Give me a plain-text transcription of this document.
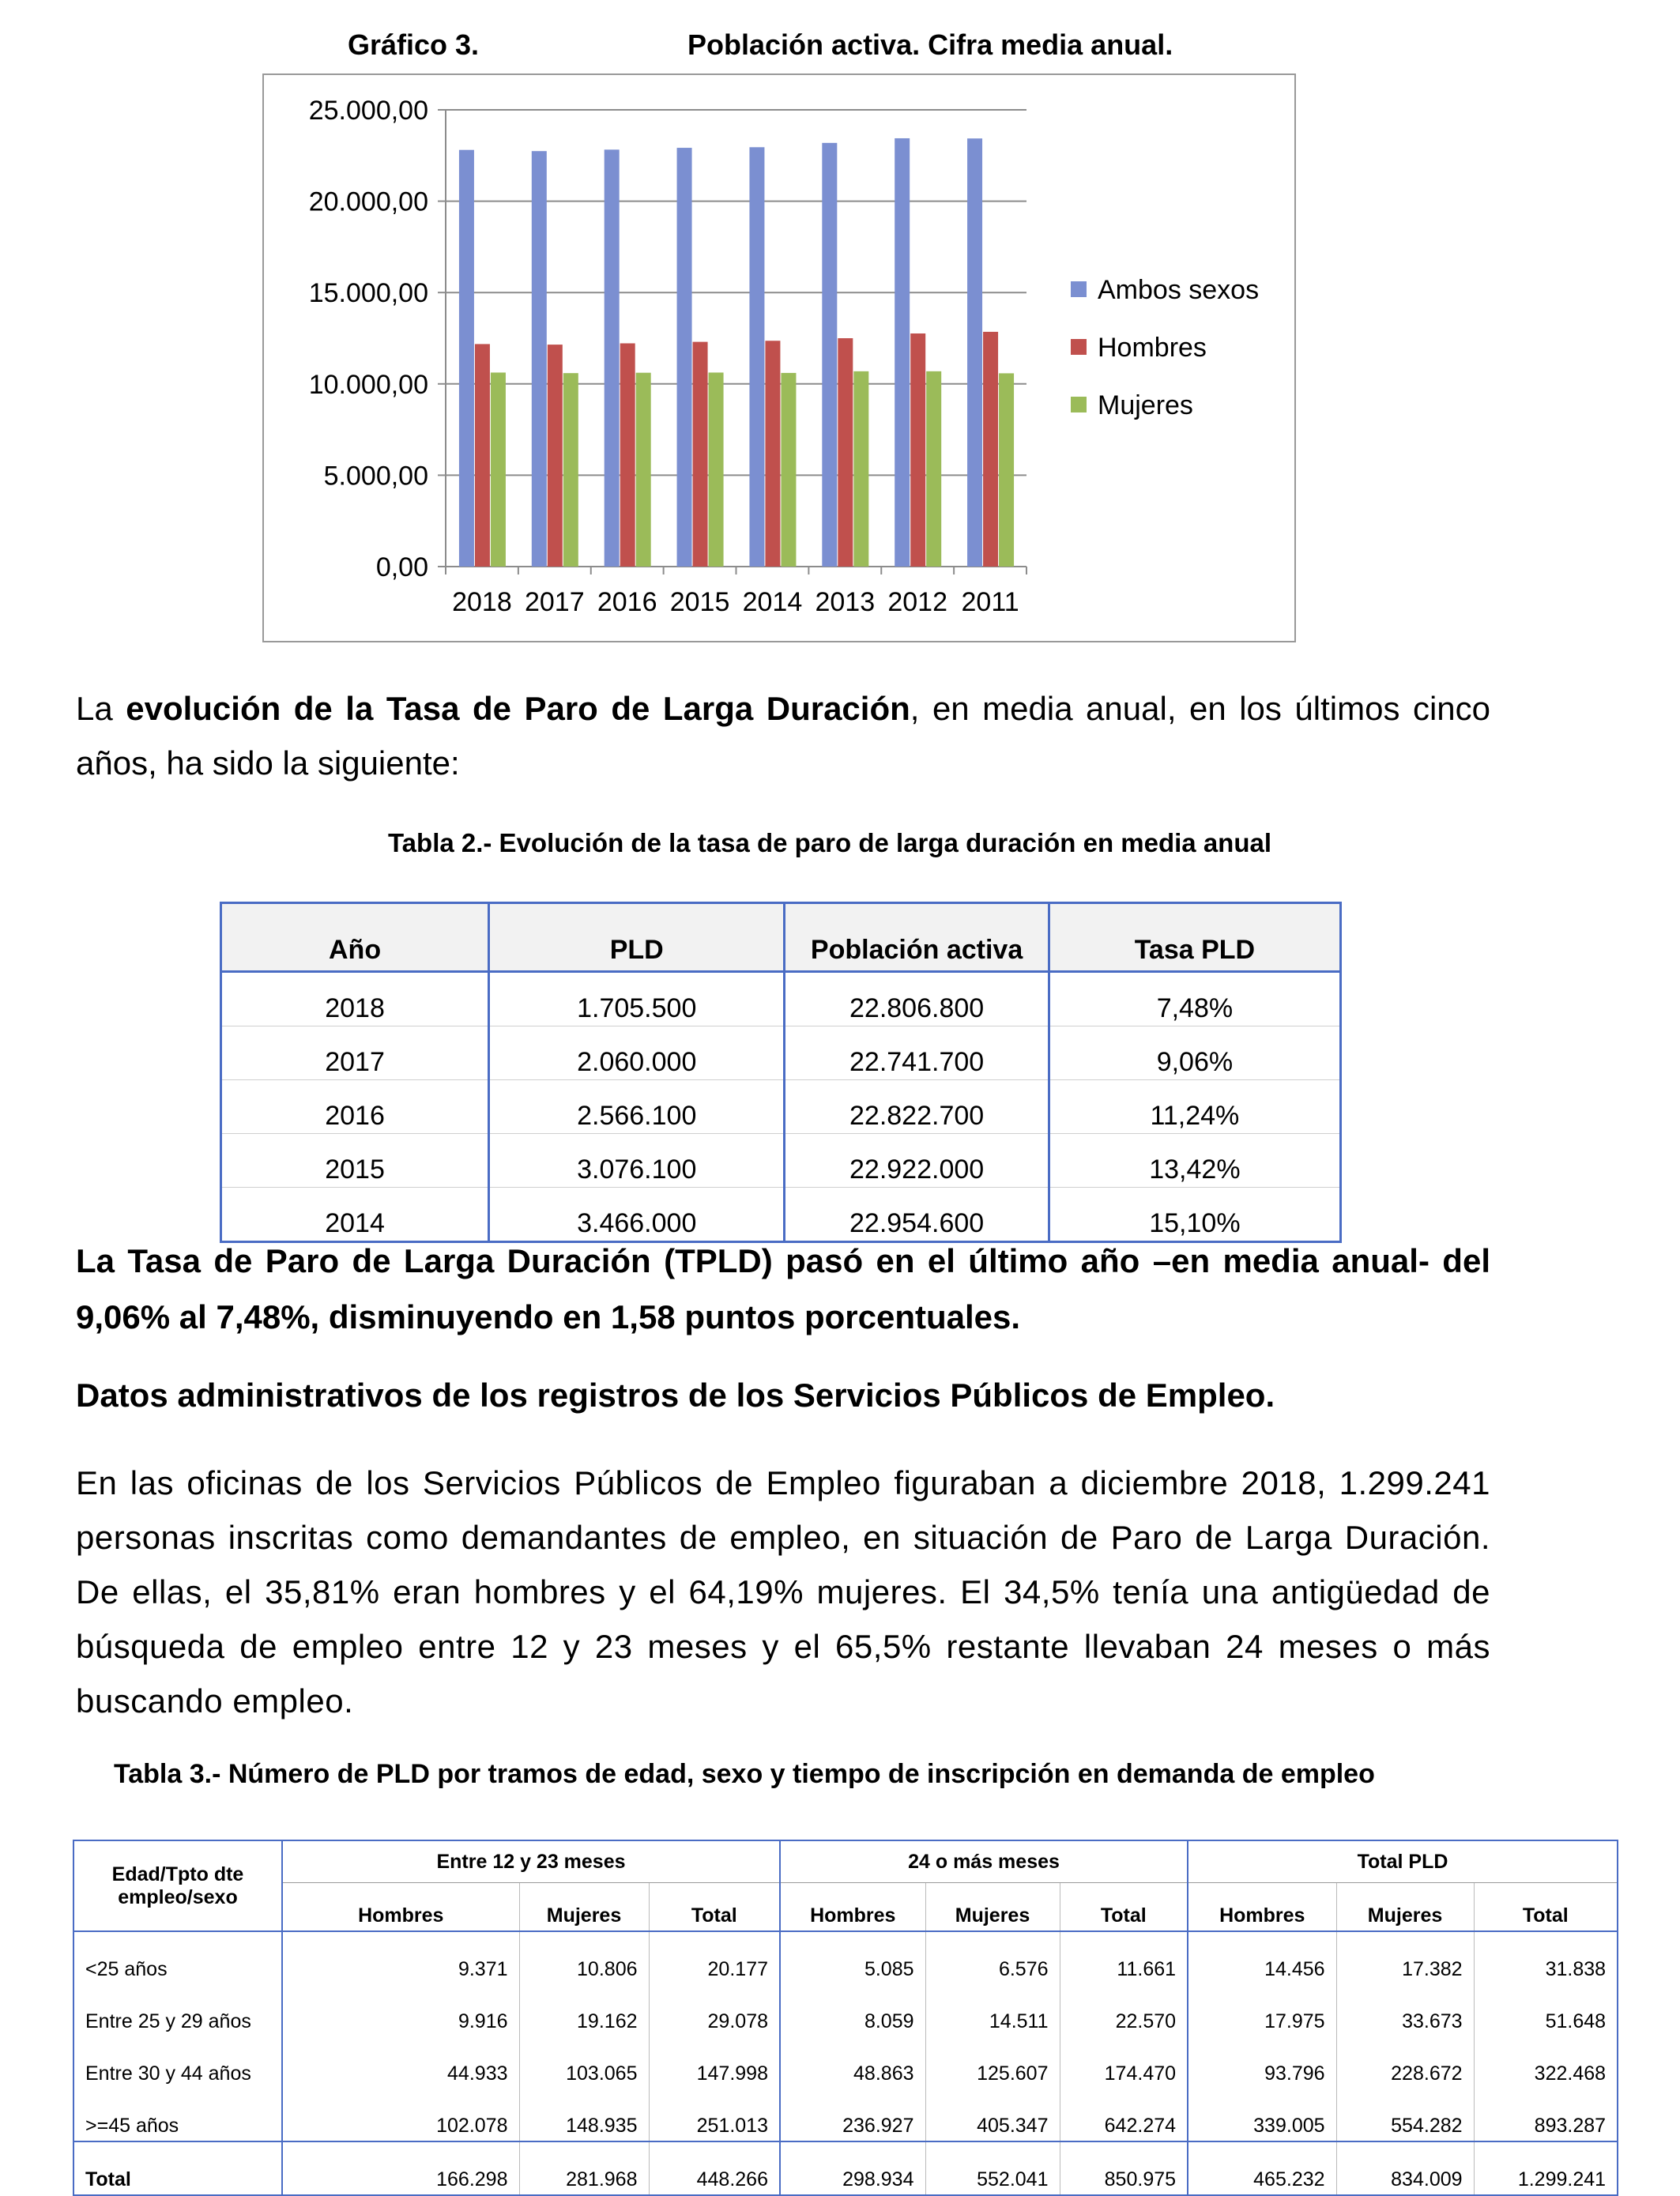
Gráfico 3.	Población activa. Cifra media anual.
0,00
5.000,00
10.000,00
15.000,00
20.000,00
25.000,00
2018 2017 2016 2015 2014 2013 2012 2011
Ambos sexos
Hombres
Mujeres
La evolución de la Tasa de Paro de Larga Duración, en media anual, en los últimos cinco años, ha sido la siguiente:
Tabla 2.- Evolución de la tasa de paro de larga duración en media anual
Año	PLD	Población activa	Tasa PLD
2018	1.705.500	22.806.800	7,48%
2017	2.060.000	22.741.700	9,06%
2016	2.566.100	22.822.700	11,24%
2015	3.076.100	22.922.000	13,42%
2014	3.466.000	22.954.600	15,10%
La Tasa de Paro de Larga Duración (TPLD) pasó en el último año –en media anual- del 9,06% al 7,48%, disminuyendo en 1,58 puntos porcentuales.
Datos administrativos de los registros de los Servicios Públicos de Empleo.
En las oficinas de los Servicios Públicos de Empleo figuraban a diciembre 2018, 1.299.241 personas inscritas como demandantes de empleo, en situación de Paro de Larga Duración. De ellas, el 35,81% eran hombres y el 64,19% mujeres. El 34,5% tenía una antigüedad de búsqueda de empleo entre 12 y 23 meses y el 65,5% restante llevaban 24 meses o más buscando empleo.
Tabla 3.- Número de PLD por tramos de edad, sexo y tiempo de inscripción en demanda de empleo
Edad/Tpto dte empleo/sexo	Entre 12 y 23 meses			24 o más meses			Total PLD		
	Hombres	Mujeres	Total	Hombres	Mujeres	Total	Hombres	Mujeres	Total
<25 años	9.371	10.806	20.177	5.085	6.576	11.661	14.456	17.382	31.838
Entre 25 y 29 años	9.916	19.162	29.078	8.059	14.511	22.570	17.975	33.673	51.648
Entre 30 y 44 años	44.933	103.065	147.998	48.863	125.607	174.470	93.796	228.672	322.468
>=45 años	102.078	148.935	251.013	236.927	405.347	642.274	339.005	554.282	893.287
Total	166.298	281.968	448.266	298.934	552.041	850.975	465.232	834.009	1.299.241
